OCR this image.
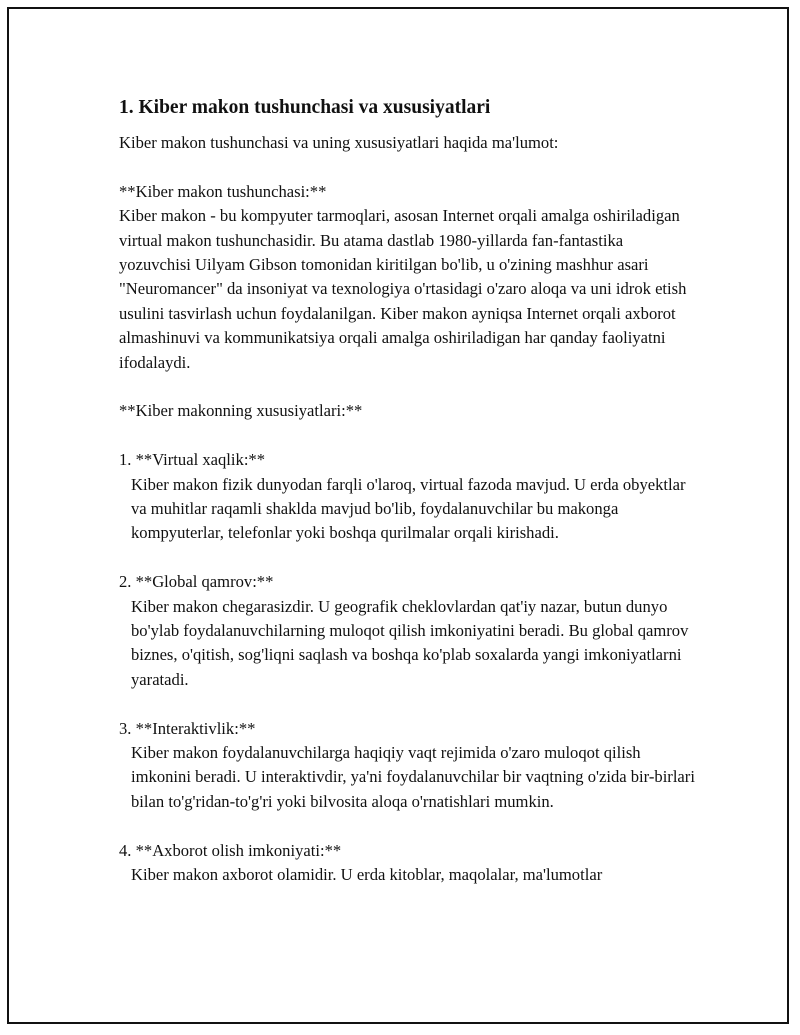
1. Kiber makon tushunchasi va xususiyatlari

Kiber makon tushunchasi va uning xususiyatlari haqida ma'lumot:

**Kiber makon tushunchasi:**

Kiber makon - bu kompyuter tarmoqlari, asosan Internet orqali amalga oshiriladigan virtual makon tushunchasidir. Bu atama dastlab 1980-yillarda fan-fantastika yozuvchisi Uilyam Gibson tomonidan kiritilgan bo'lib, u o'zining mashhur asari "Neuromancer" da insoniyat va texnologiya o'rtasidagi o'zaro aloqa va uni idrok etish usulini tasvirlash uchun foydalanilgan. Kiber makon ayniqsa Internet orqali axborot almashinuvi va kommunikatsiya orqali amalga oshiriladigan har qanday faoliyatni ifodalaydi.

**Kiber makonning xususiyatlari:**

1. **Virtual xaqlik:**

Kiber makon fizik dunyodan farqli o'laroq, virtual fazoda mavjud. U erda obyektlar va muhitlar raqamli shaklda mavjud bo'lib, foydalanuvchilar bu makonga kompyuterlar, telefonlar yoki boshqa qurilmalar orqali kirishadi.

2. **Global qamrov:**

Kiber makon chegarasizdir. U geografik cheklovlardan qat'iy nazar, butun dunyo bo'ylab foydalanuvchilarning muloqot qilish imkoniyatini beradi. Bu global qamrov biznes, o'qitish, sog'liqni saqlash va boshqa ko'plab soxalarda yangi imkoniyatlarni yaratadi.

3. **Interaktivlik:**

Kiber makon foydalanuvchilarga haqiqiy vaqt rejimida o'zaro muloqot qilish imkonini beradi. U interaktivdir, ya'ni foydalanuvchilar bir vaqtning o'zida bir-birlari bilan to'g'ridan-to'g'ri yoki bilvosita aloqa o'rnatishlari mumkin.

4. **Axborot olish imkoniyati:**

Kiber makon axborot olamidir. U erda kitoblar, maqolalar, ma'lumotlar
